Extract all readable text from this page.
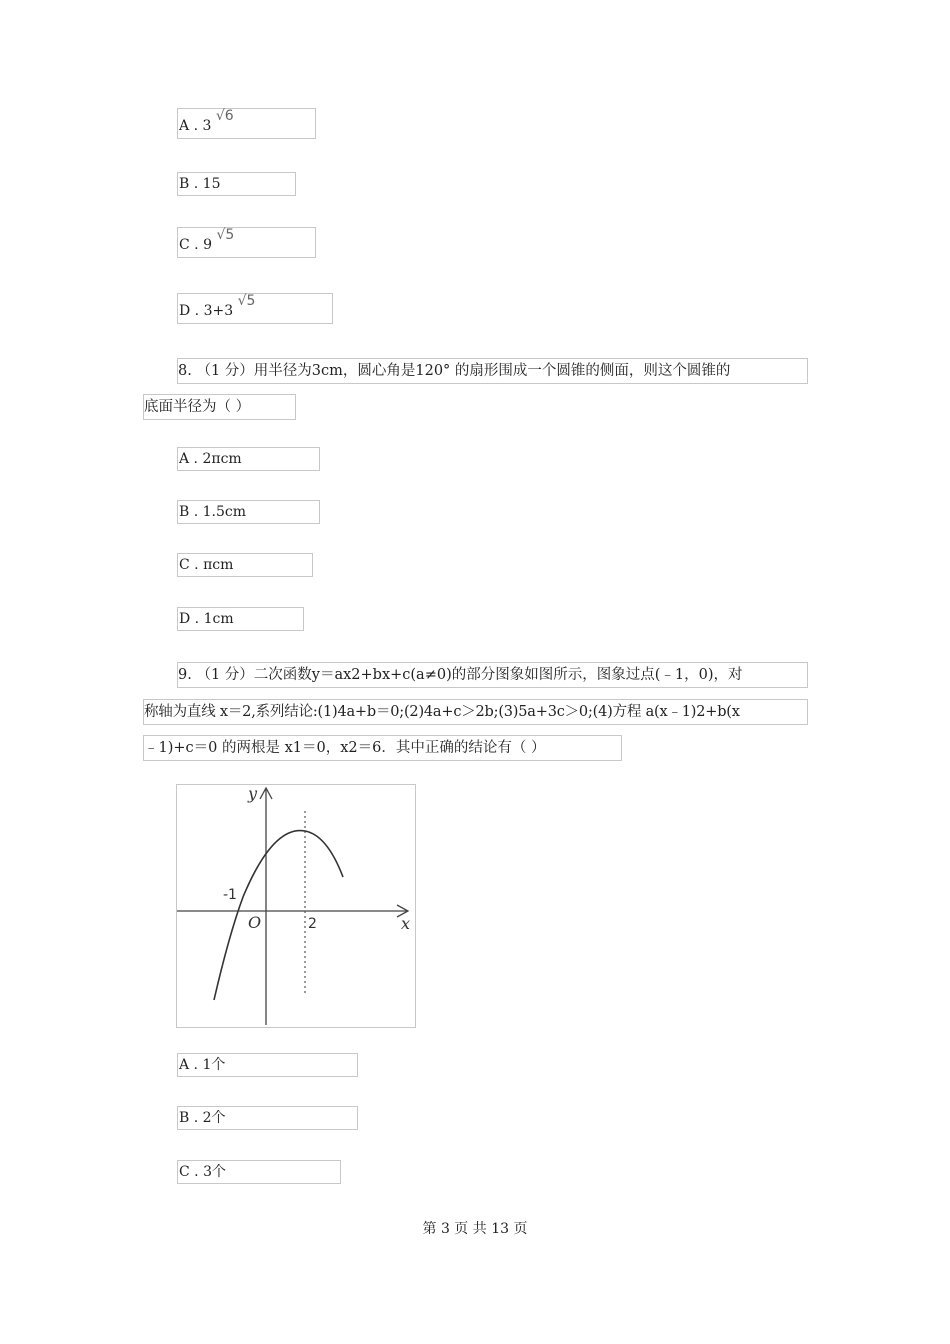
A . 3 √6
B . 15
C . 9 √5
D . 3+3 √5
8. （1 分）用半径为3cm，圆心角是120° 的扇形围成一个圆锥的侧面，则这个圆锥的
底面半径为（ ）
A . 2πcm
B . 1.5cm
C . πcm
D . 1cm
9. （1 分）二次函数y＝ax2+bx+c(a≠0)的部分图象如图所示，图象过点(﹣1，0)，对
称轴为直线 x＝2,系列结论:(1)4a+b＝0;(2)4a+c＞2b;(3)5a+3c＞0;(4)方程 a(x﹣1)2+b(x
﹣1)+c＝0 的两根是 x1＝0，x2＝6．其中正确的结论有（ ）
y
x
O
-1
2
A . 1个
B . 2个
C . 3个
第 3 页 共 13 页
